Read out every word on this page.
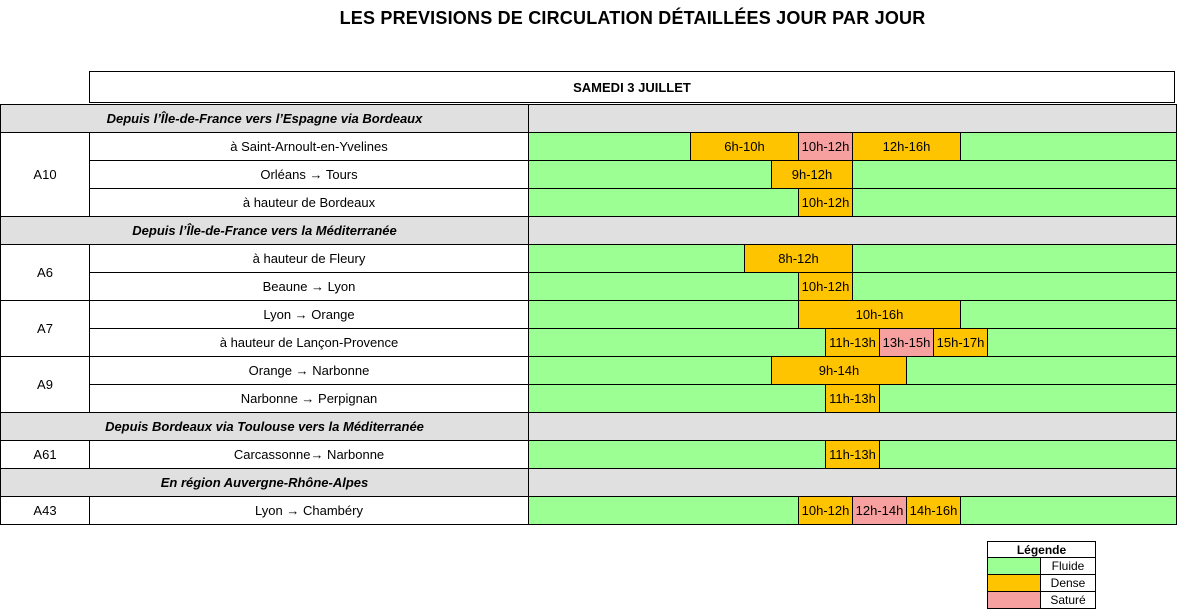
LES PREVISIONS DE CIRCULATION DÉTAILLÉES JOUR PAR JOUR
SAMEDI 3 JUILLET
Depuis l’Île-de-France vers l’Espagne via Bordeaux
A10
à Saint-Arnoult-en-Yvelines	6h-10h	10h-12h	12h-16h
Orléans → Tours	9h-12h
à hauteur de Bordeaux	10h-12h
Depuis l’Île-de-France vers la Méditerranée
A6
à hauteur de Fleury	8h-12h
Beaune → Lyon	10h-12h
A7
Lyon → Orange	10h-16h
à hauteur de Lançon-Provence	11h-13h 13h-15h 15h-17h
A9
Orange → Narbonne	9h-14h
Narbonne → Perpignan	11h-13h
Depuis Bordeaux via Toulouse vers la Méditerranée
A61	Carcassonne→ Narbonne	11h-13h
En région Auvergne-Rhône-Alpes
A43	Lyon → Chambéry	10h-12h 12h-14h 14h-16h
Légende
Fluide
Dense
Saturé
